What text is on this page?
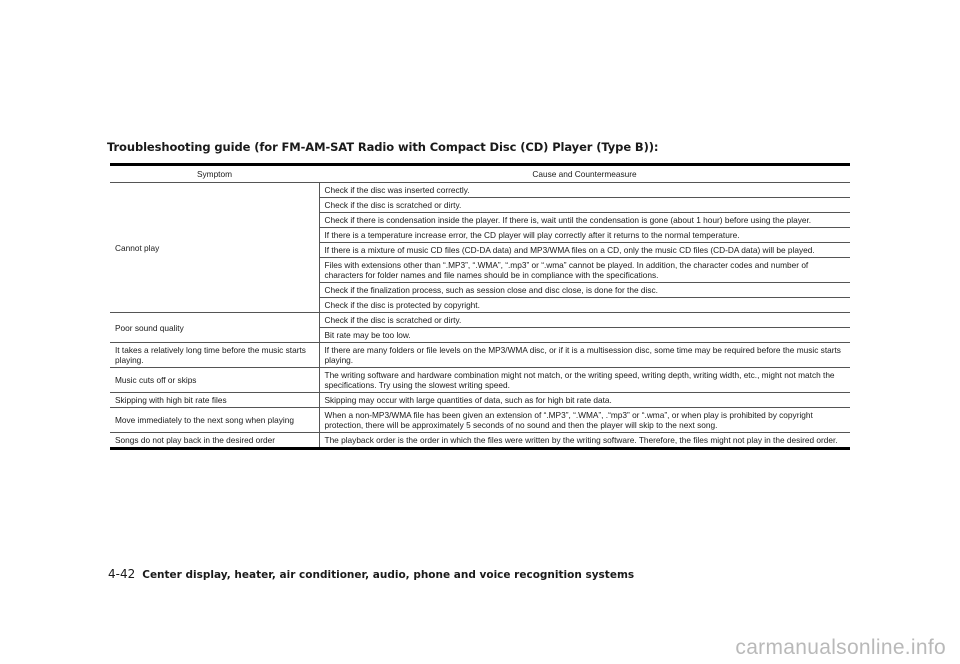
Troubleshooting guide (for FM-AM-SAT Radio with Compact Disc (CD) Player (Type B)):
Symptom	Cause and Countermeasure
Cannot play	Check if the disc was inserted correctly.
	Check if the disc is scratched or dirty.
	Check if there is condensation inside the player. If there is, wait until the condensation is gone (about 1 hour) before using the player.
	If there is a temperature increase error, the CD player will play correctly after it returns to the normal temperature.
	If there is a mixture of music CD files (CD-DA data) and MP3/WMA files on a CD, only the music CD files (CD-DA data) will be played.
	Files with extensions other than “.MP3”, “.WMA”, “.mp3” or “.wma” cannot be played. In addition, the character codes and number of characters for folder names and file names should be in compliance with the specifications.
	Check if the finalization process, such as session close and disc close, is done for the disc.
	Check if the disc is protected by copyright.
Poor sound quality	Check if the disc is scratched or dirty.
	Bit rate may be too low.
It takes a relatively long time before the music starts playing.	If there are many folders or file levels on the MP3/WMA disc, or if it is a multisession disc, some time may be required before the music starts playing.
Music cuts off or skips	The writing software and hardware combination might not match, or the writing speed, writing depth, writing width, etc., might not match the specifications. Try using the slowest writing speed.
Skipping with high bit rate files	Skipping may occur with large quantities of data, such as for high bit rate data.
Move immediately to the next song when playing	When a non-MP3/WMA file has been given an extension of “.MP3”, “.WMA”, .“mp3” or “.wma”, or when play is prohibited by copyright protection, there will be approximately 5 seconds of no sound and then the player will skip to the next song.
Songs do not play back in the desired order	The playback order is the order in which the files were written by the writing software. Therefore, the files might not play in the desired order.
4-42 Center display, heater, air conditioner, audio, phone and voice recognition systems
carmanualsonline.info
